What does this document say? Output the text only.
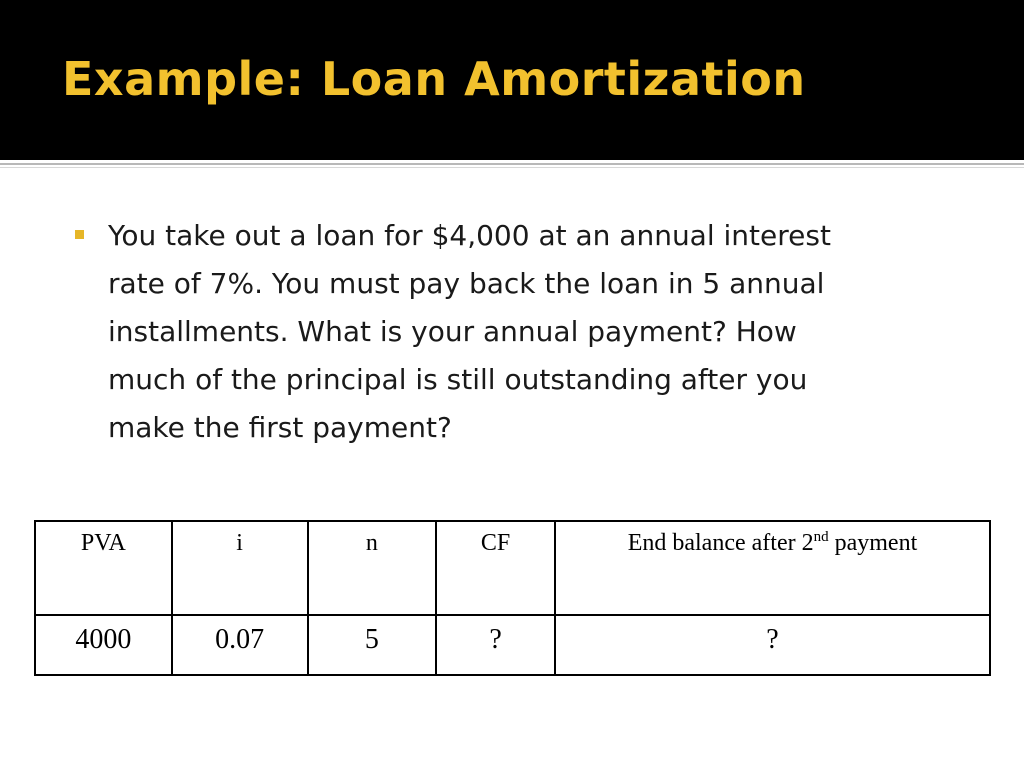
Example: Loan Amortization
You take out a loan for $4,000 at an annual interest
rate of 7%. You must pay back the loan in 5 annual
installments. What is your annual payment? How
much of the principal is still outstanding after you
make the first payment?
PVA	i	n	CF	End balance after 2nd payment
4000	0.07	5	?	?
